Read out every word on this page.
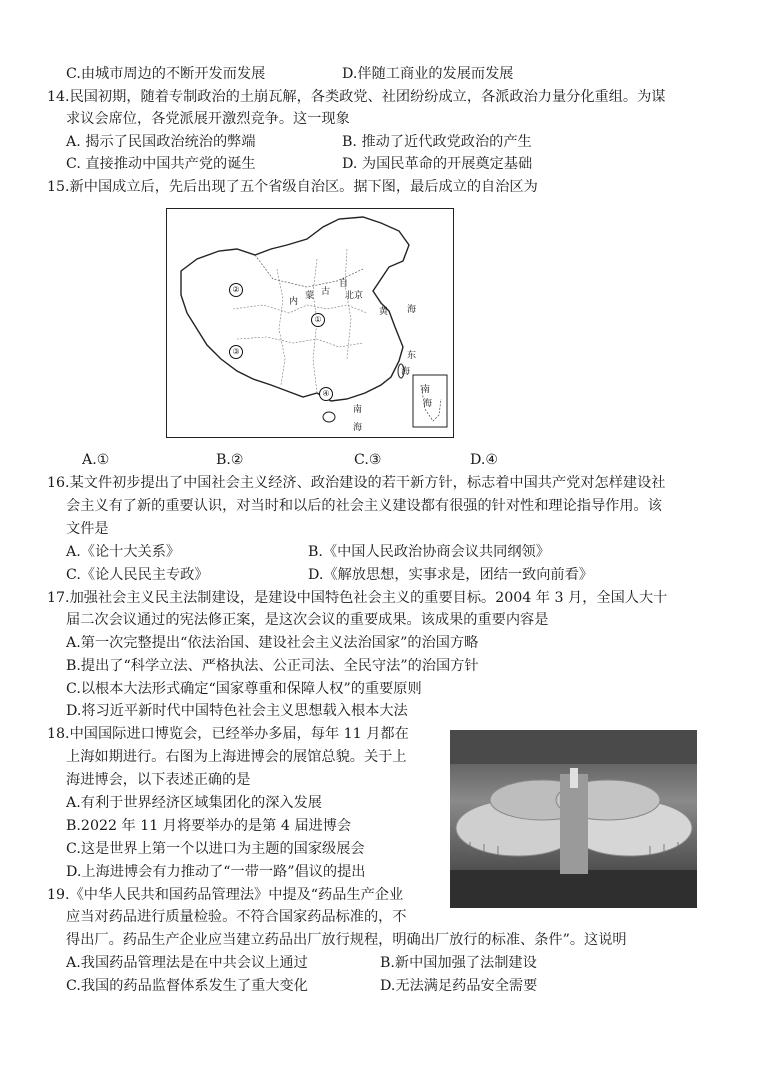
C.由城市周边的不断开发而发展	D.伴随工商业的发展而发展
14.民国初期，随着专制政治的土崩瓦解，各类政党、社团纷纷成立，各派政治力量分化重组。为谋
求议会席位，各党派展开激烈竞争。这一现象
A. 揭示了民国政治统治的弊端	B. 推动了近代政党政治的产生
C. 直接推动中国共产党的诞生	D. 为国民革命的开展奠定基础
15.新中国成立后，先后出现了五个省级自治区。据下图，最后成立的自治区为
内
蒙 古
自
北京
黄 海
东
海
南
海
南
海
①
②
③
④
A.①	B.②	C.③	D.④
16.某文件初步提出了中国社会主义经济、政治建设的若干新方针，标志着中国共产党对怎样建设社
会主义有了新的重要认识，对当时和以后的社会主义建设都有很强的针对性和理论指导作用。该
文件是
A.《论十大关系》	B.《中国人民政治协商会议共同纲领》
C.《论人民民主专政》	D.《解放思想，实事求是，团结一致向前看》
17.加强社会主义民主法制建设，是建设中国特色社会主义的重要目标。2004 年 3 月，全国人大十
届二次会议通过的宪法修正案，是这次会议的重要成果。该成果的重要内容是
A.第一次完整提出“依法治国、建设社会主义法治国家”的治国方略
B.提出了“科学立法、严格执法、公正司法、全民守法”的治国方针
C.以根本大法形式确定“国家尊重和保障人权”的重要原则
D.将习近平新时代中国特色社会主义思想载入根本大法
18.中国国际进口博览会，已经举办多届，每年 11 月都在
上海如期进行。右图为上海进博会的展馆总貌。关于上
海进博会，以下表述正确的是
A.有利于世界经济区域集团化的深入发展
B.2022 年 11 月将要举办的是第 4 届进博会
C.这是世界上第一个以进口为主题的国家级展会
D.上海进博会有力推动了“一带一路”倡议的提出
19.《中华人民共和国药品管理法》中提及“药品生产企业
应当对药品进行质量检验。不符合国家药品标准的，不
得出厂。药品生产企业应当建立药品出厂放行规程，明确出厂放行的标准、条件”。这说明
A.我国药品管理法是在中共会议上通过	B.新中国加强了法制建设
C.我国的药品监督体系发生了重大变化	D.无法满足药品安全需要
